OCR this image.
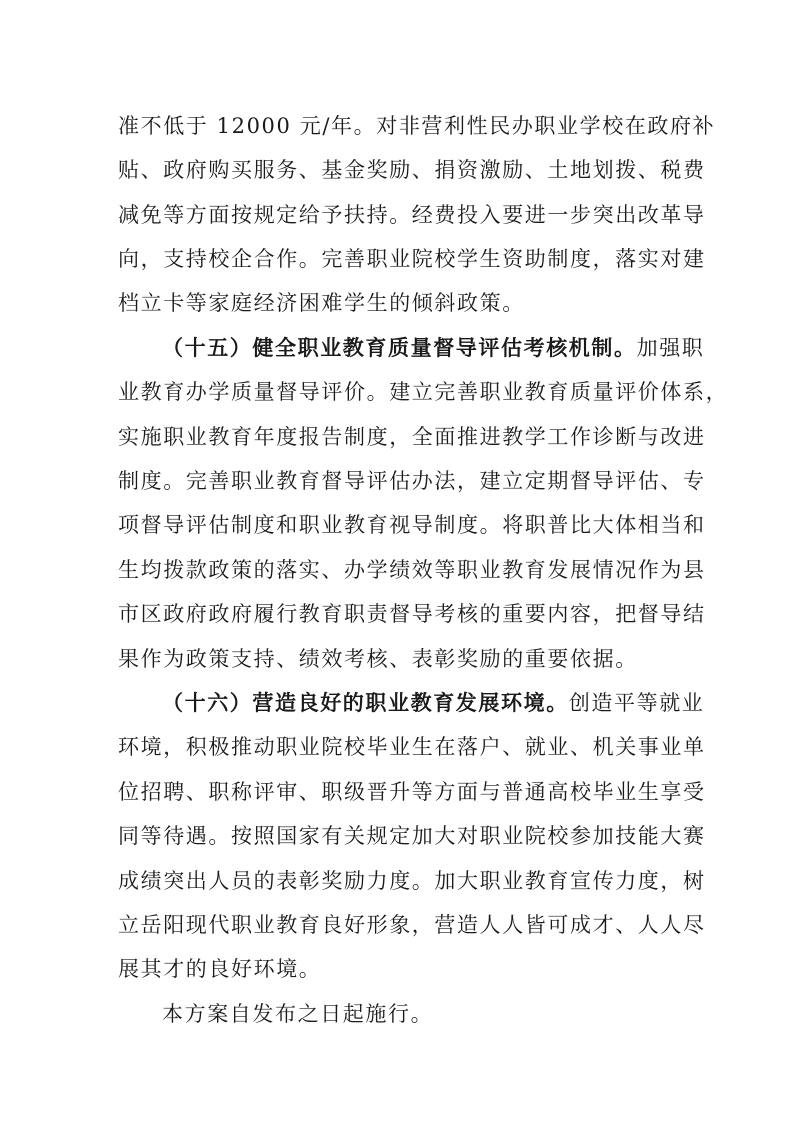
准不低于 12000 元/年。对非营利性民办职业学校在政府补
贴、政府购买服务、基金奖励、捐资激励、土地划拨、税费
减免等方面按规定给予扶持。经费投入要进一步突出改革导
向，支持校企合作。完善职业院校学生资助制度，落实对建
档立卡等家庭经济困难学生的倾斜政策。
（十五）健全职业教育质量督导评估考核机制。加强职
业教育办学质量督导评价。建立完善职业教育质量评价体系，
实施职业教育年度报告制度，全面推进教学工作诊断与改进
制度。完善职业教育督导评估办法，建立定期督导评估、专
项督导评估制度和职业教育视导制度。将职普比大体相当和
生均拨款政策的落实、办学绩效等职业教育发展情况作为县
市区政府政府履行教育职责督导考核的重要内容，把督导结
果作为政策支持、绩效考核、表彰奖励的重要依据。
（十六）营造良好的职业教育发展环境。创造平等就业
环境，积极推动职业院校毕业生在落户、就业、机关事业单
位招聘、职称评审、职级晋升等方面与普通高校毕业生享受
同等待遇。按照国家有关规定加大对职业院校参加技能大赛
成绩突出人员的表彰奖励力度。加大职业教育宣传力度，树
立岳阳现代职业教育良好形象，营造人人皆可成才、人人尽
展其才的良好环境。
本方案自发布之日起施行。
